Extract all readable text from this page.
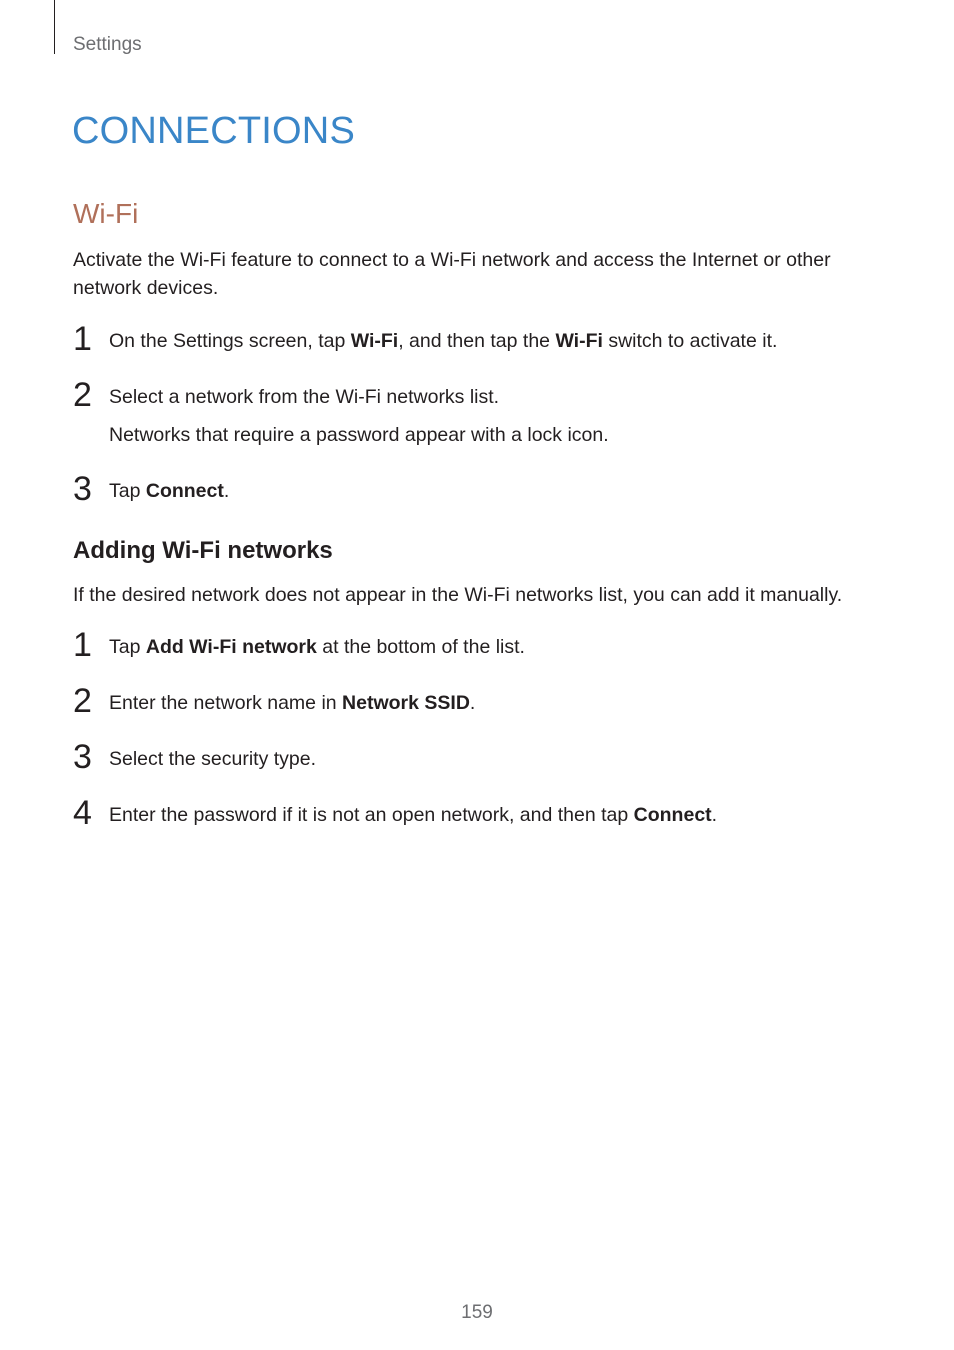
Settings
CONNECTIONS
Wi-Fi

Activate the Wi-Fi feature to connect to a Wi-Fi network and access the Internet or other
network devices.

1 On the Settings screen, tap Wi-Fi, and then tap the Wi-Fi switch to activate it.
2 Select a network from the Wi-Fi networks list.
Networks that require a password appear with a lock icon.
3 Tap Connect.
Adding Wi-Fi networks

If the desired network does not appear in the Wi-Fi networks list, you can add it manually.

1 Tap Add Wi-Fi network at the bottom of the list.
2 Enter the network name in Network SSID.
3 Select the security type.
4 Enter the password if it is not an open network, and then tap Connect.
159
